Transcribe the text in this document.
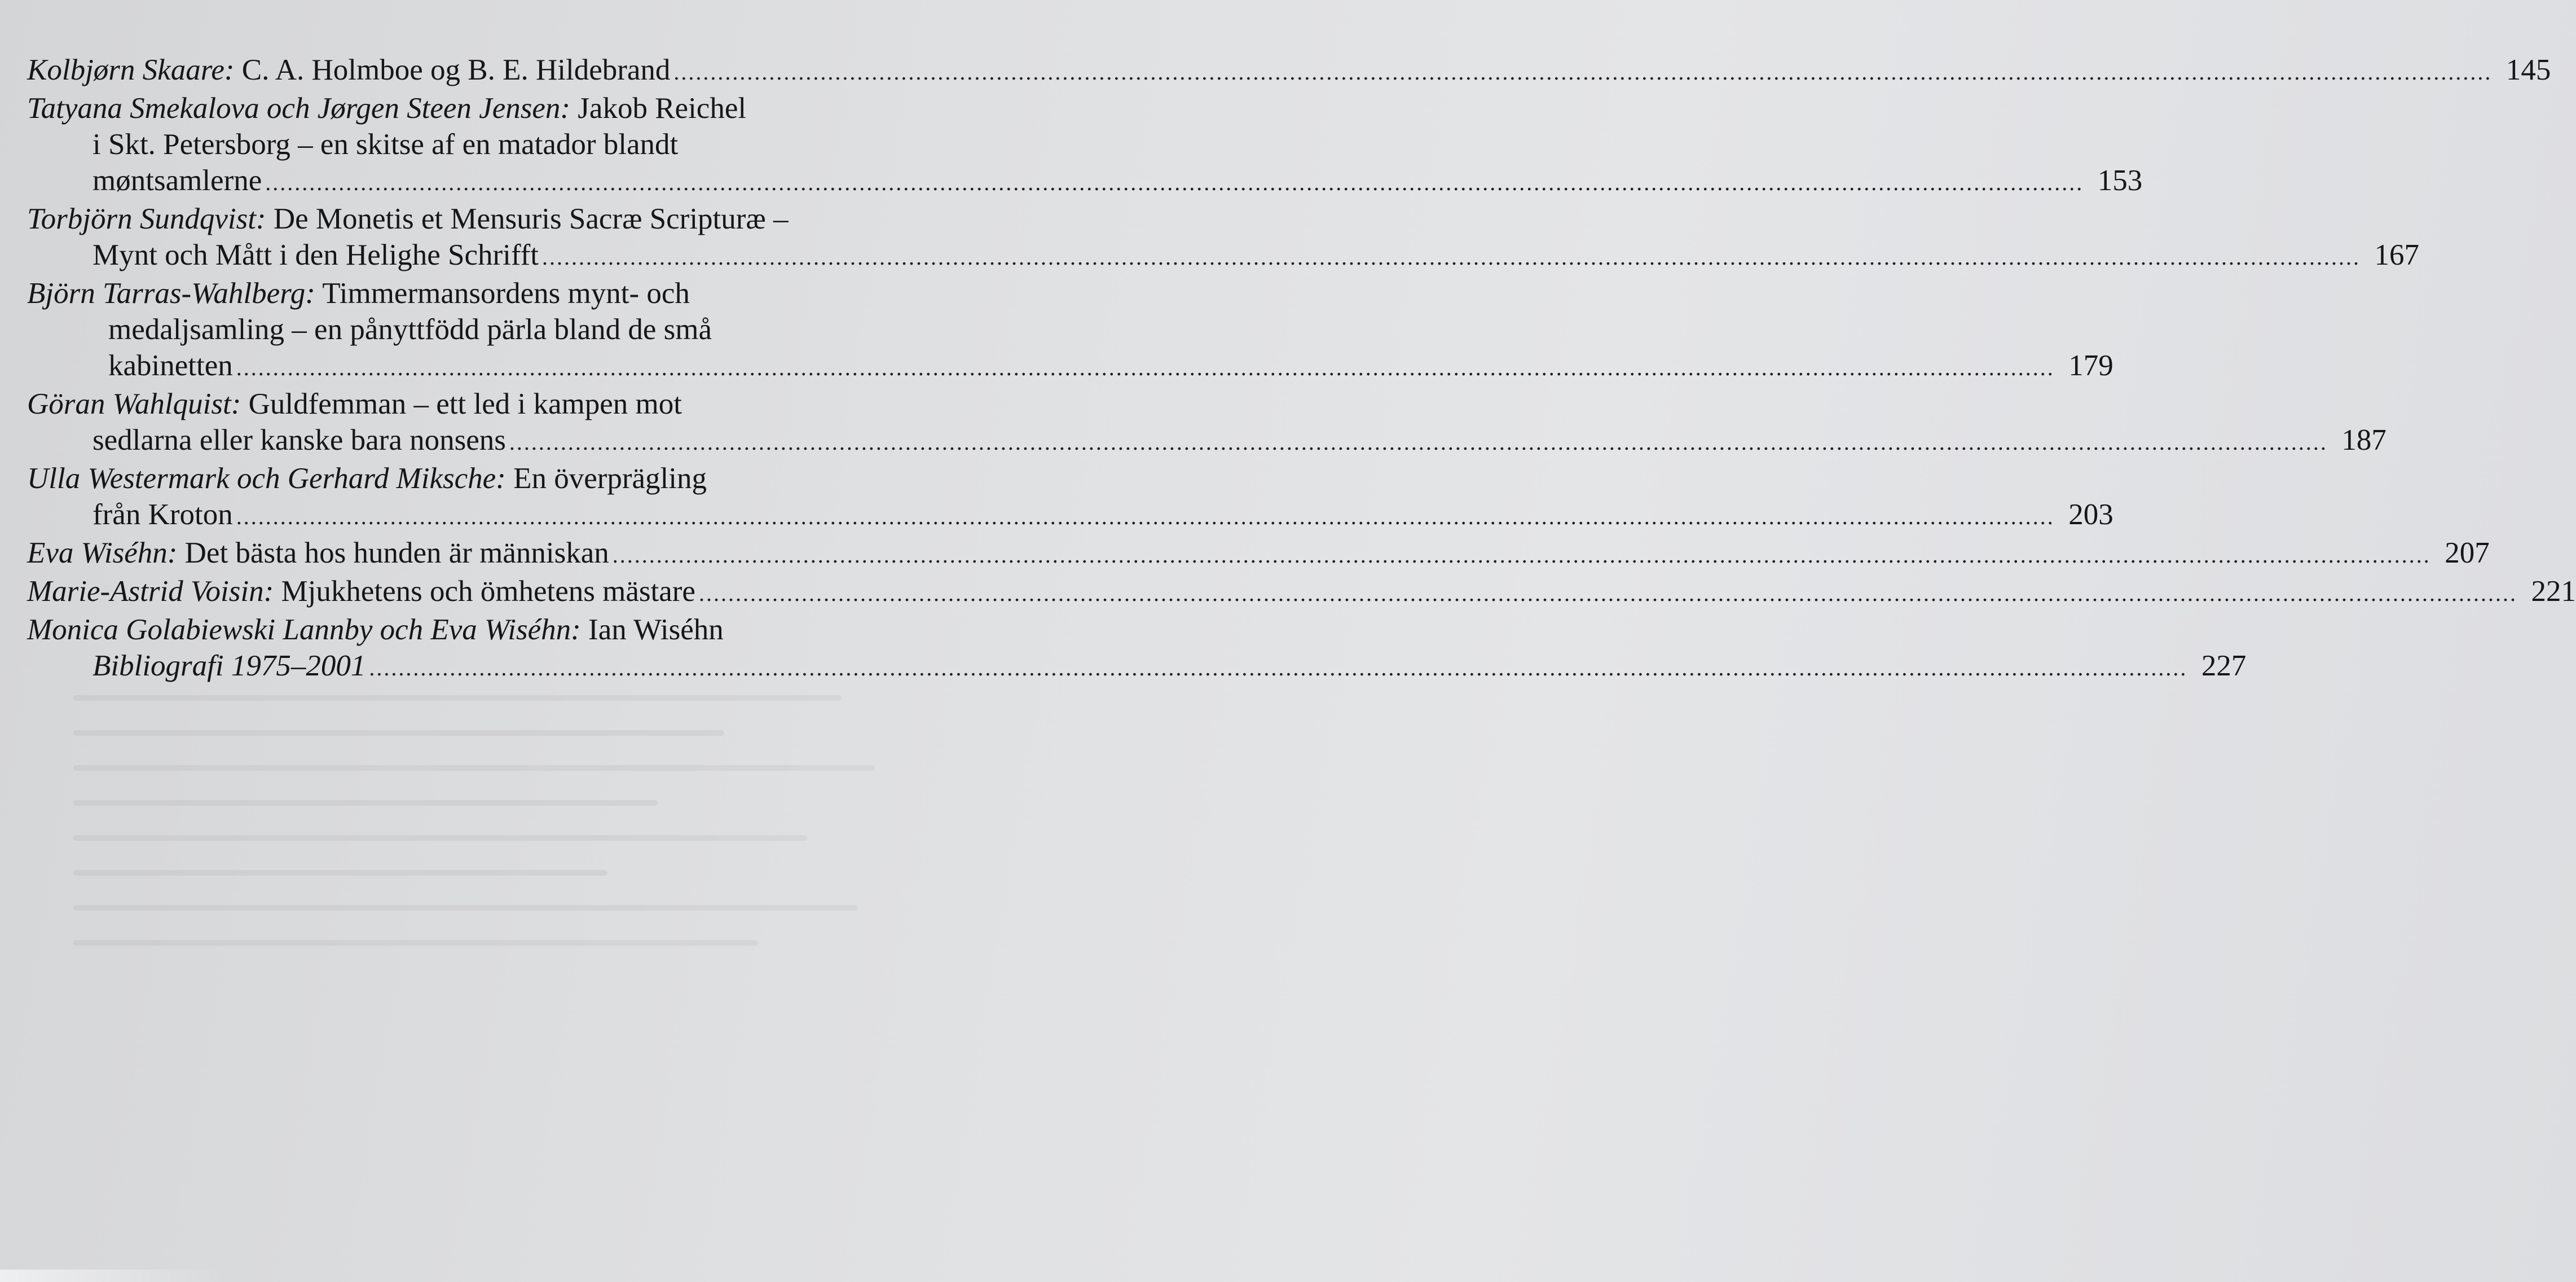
Kolbjørn Skaare: C. A. Holmboe og B. E. Hildebrand .....	145
Tatyana Smekalova och Jørgen Steen Jensen: Jakob Reichel
i Skt. Petersborg – en skitse af en matador blandt
møntsamlerne .....	153
Torbjörn Sundqvist: De Monetis et Mensuris Sacræ Scripturæ –
Mynt och Mått i den Helighe Schrifft .....	167
Björn Tarras-Wahlberg: Timmermansordens mynt- och
medaljsamling – en pånyttfödd pärla bland de små
kabinetten .....	179
Göran Wahlquist: Guldfemman – ett led i kampen mot
sedlarna eller kanske bara nonsens .....	187
Ulla Westermark och Gerhard Miksche: En överprägling
från Kroton .....	203
Eva Wiséhn: Det bästa hos hunden är människan .....	207
Marie-Astrid Voisin: Mjukhetens och ömhetens mästare .....	221
Monica Golabiewski Lannby och Eva Wiséhn: Ian Wiséhn
Bibliografi 1975–2001 .....	227
